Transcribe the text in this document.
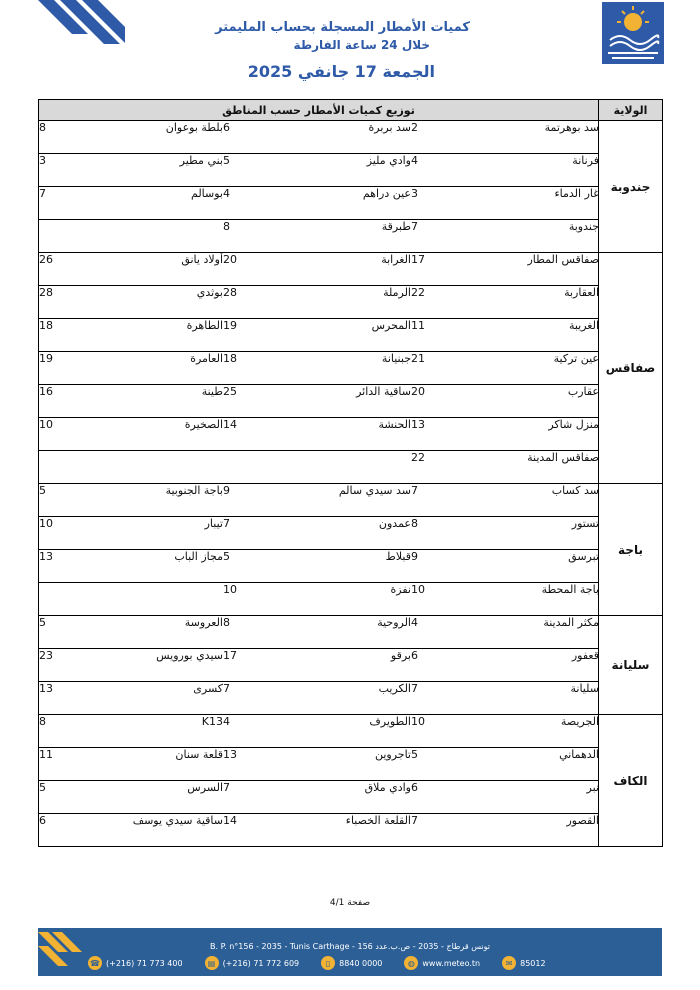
كميات الأمطار المسجلة بحساب المليمتر
خلال 24 ساعة الفارطة
الجمعة 17 جانفي 2025
توزيع كميات الأمطار حسب المناطق	الولاية

سد بوهرتمة	2	سد بربرة	6	بلطة بوعوان	8
فرنانة	4	وادي مليز	5	بني مطير	3
غار الدماء	3	عين دراهم	4	بوسالم	7
جندوبة	7	طبرقة	8		
	جندوبة

صفاقس المطار	17	الغرابة	20	أولاد يانق	26
العقاربة	22	الرملة	28	بوثدي	28
الغريبة	11	المحرس	19	الطاهرة	18
عين تركية	21	جبنيانة	18	العامرة	19
عقارب	20	ساقية الدائر	25	طينة	16
منزل شاكر	13	الحنشة	14	الصخيرة	10
صفاقس المدينة	22				
	صفاقس

سد كساب	7	سد سيدي سالم	9	باجة الجنوبية	5
تستور	8	عمدون	7	تيبار	10
تبرسق	9	قبلاط	5	مجاز الباب	13
باجة المحطة	10	نفزة	10		
	باجة

مكثر المدينة	4	الروحية	8	العروسة	5
قعفور	6	برقو	17	سيدي بورويس	23
سليانة	7	الكريب	7	كسرى	13
	سليانة

الجريصة	10	الطويرف	4	K13	8
الدهماني	5	تاجروين	13	قلعة سنان	11
نبر	6	وادي ملاق	7	السرس	5
القصور	7	القلعة الخصباء	14	ساقية سيدي يوسف	6
	الكاف
صفحة 4/1
B. P. n°156 - 2035 - Tunis Carthage - تونس قرطاج - 2035 - ص.ب.عدد 156
☎ (+216) 71 773 400	▤ (+216) 71 772 609	▯	8840 0000	◍ www.meteo.tn	✉ 85012
